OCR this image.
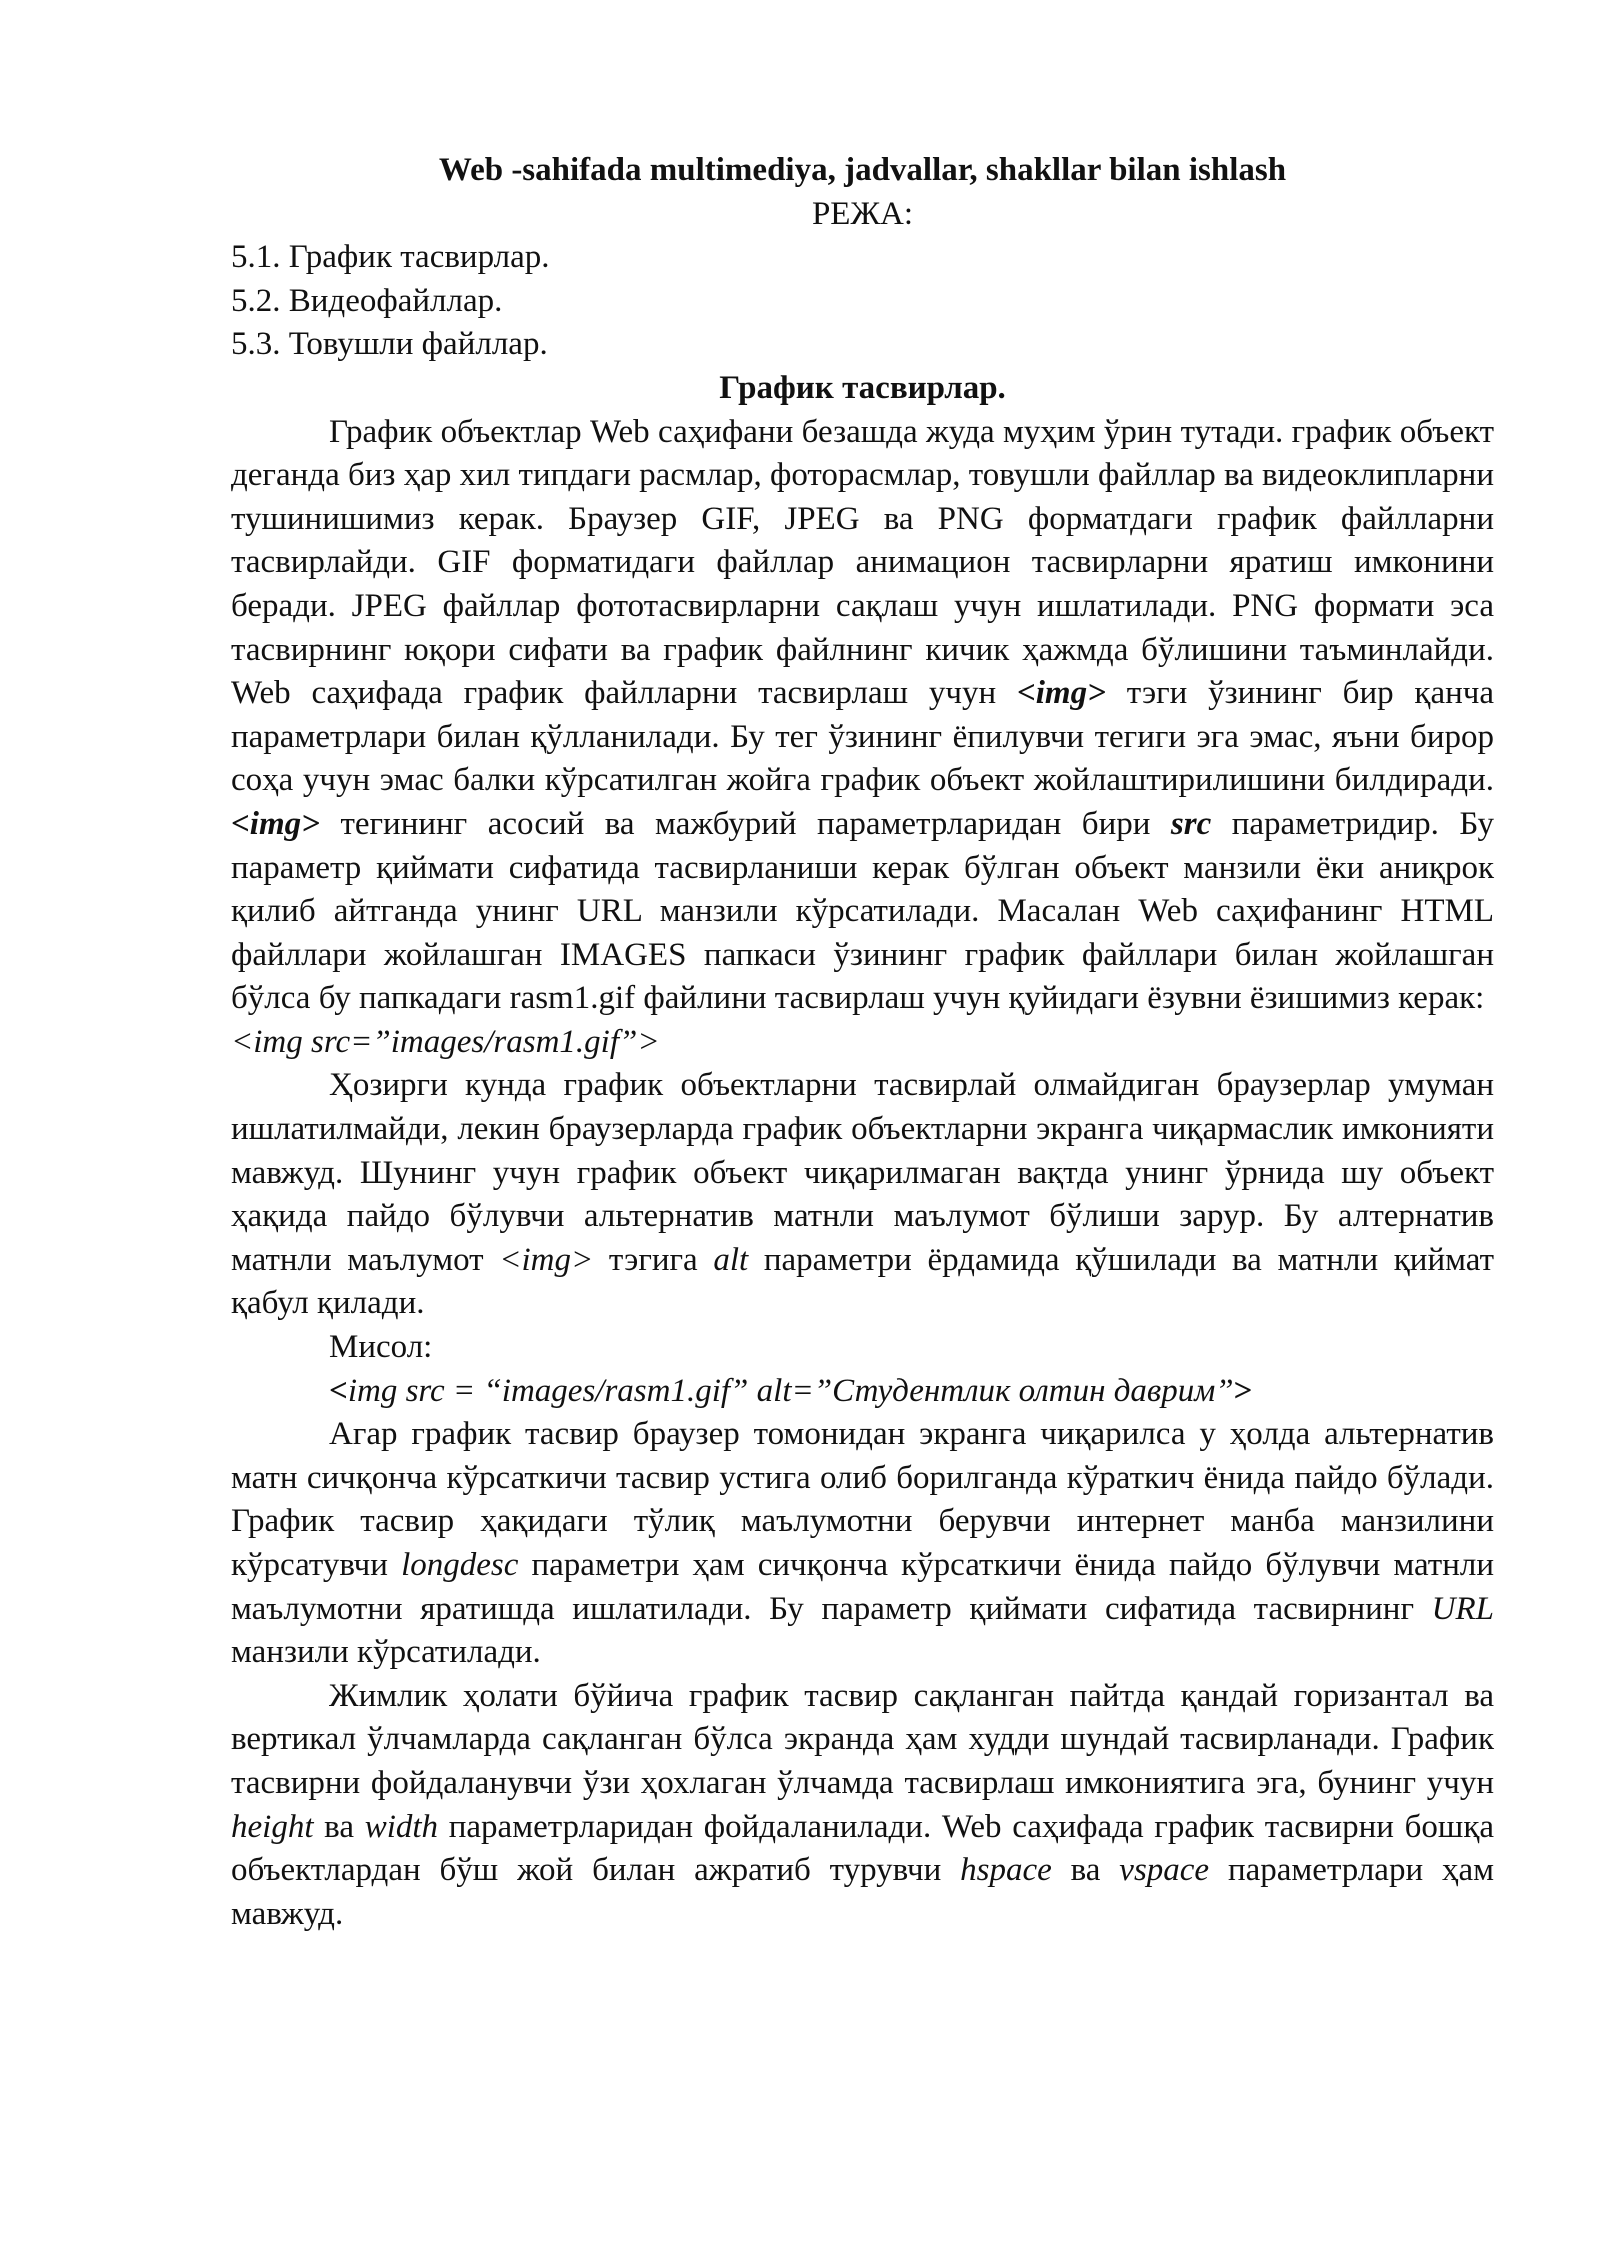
Web -sahifada multimediya, jadvallar, shakllar bilan ishlash

РЕЖА:

5.1. График тасвирлар.

5.2. Видеофайллар.

5.3. Товушли файллар.

График тасвирлар.

График объектлар Web саҳифани безашда жуда муҳим ўрин тутади. график объект деганда биз ҳар хил типдаги расмлар, фоторасмлар, товушли файллар ва видеоклипларни тушинишимиз керак. Браузер GIF, JPEG ва PNG форматдаги график файлларни тасвирлайди. GIF форматидаги файллар анимацион тасвирларни яратиш имконини беради. JPEG файллар фототасвирларни сақлаш учун ишлатилади. PNG формати эса тасвирнинг юқори сифати ва график файлнинг кичик ҳажмда бўлишини таъминлайди. Web саҳифада график файлларни тасвирлаш учун <img> тэги ўзининг бир қанча параметрлари билан қўлланилади. Бу тег ўзининг ёпилувчи тегиги эга эмас, яъни бирор соҳа учун эмас балки кўрсатилган жойга график объект жойлаштирилишини билдиради. <img> тегининг асосий ва мажбурий параметрларидан бири src параметридир. Бу параметр қиймати сифатида тасвирланиши керак бўлган объект манзили ёки аниқрок қилиб айтганда унинг URL манзили кўрсатилади. Масалан Web саҳифанинг HTML файллари жойлашган IMAGES папкаси ўзининг график файллари билан жойлашган бўлса бу папкадаги rasm1.gif файлини тасвирлаш учун қуйидаги ёзувни ёзишимиз керак:

<img src=”images/rasm1.gif”>

Ҳозирги кунда график объектларни тасвирлай олмайдиган браузерлар умуман ишлатилмайди, лекин браузерларда график объектларни экранга чиқармаслик имконияти мавжуд. Шунинг учун график объект чиқарилмаган вақтда унинг ўрнида шу объект ҳақида пайдо бўлувчи альтернатив матнли маълумот бўлиши зарур. Бу алтернатив матнли маълумот <img> тэгига alt параметри ёрдамида қўшилади ва матнли қиймат қабул қилади.

Мисол:

<img src = “images/rasm1.gif” alt=”Студентлик олтин даврим”>

Агар график тасвир браузер томонидан экранга чиқарилса у ҳолда альтернатив матн сичқонча кўрсаткичи тасвир устига олиб борилганда кўраткич ёнида пайдо бўлади. График тасвир ҳақидаги тўлиқ маълумотни берувчи интернет манба манзилини кўрсатувчи longdesc параметри ҳам сичқонча кўрсаткичи ёнида пайдо бўлувчи матнли маълумотни яратишда ишлатилади. Бу параметр қиймати сифатида тасвирнинг URL манзили кўрсатилади.

Жимлик ҳолати бўйича график тасвир сақланган пайтда қандай горизантал ва вертикал ўлчамларда сақланган бўлса экранда ҳам худди шундай тасвирланади. График тасвирни фойдаланувчи ўзи ҳохлаган ўлчамда тасвирлаш имкониятига эга, бунинг учун height ва width параметрларидан фойдаланилади. Web саҳифада график тасвирни бошқа объектлардан бўш жой билан ажратиб турувчи hspace ва vspace параметрлари ҳам мавжуд.
